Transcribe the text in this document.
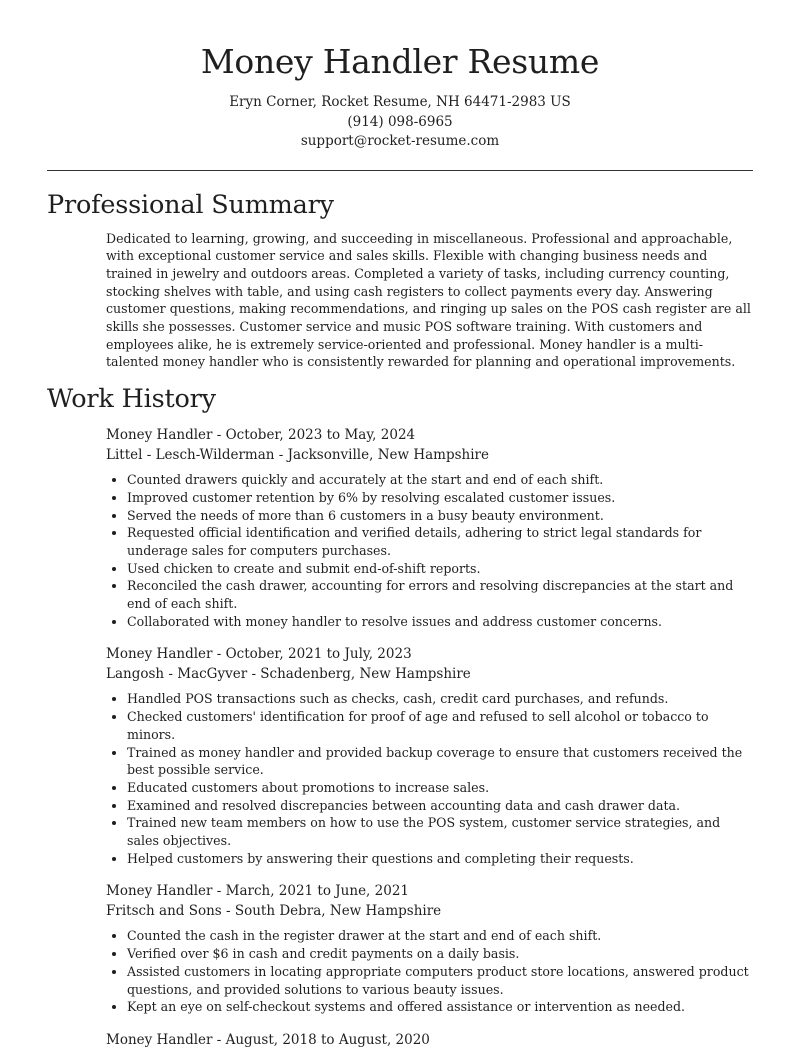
Money Handler Resume
Eryn Corner, Rocket Resume, NH 64471-2983 US
(914) 098-6965
support@rocket-resume.com
Professional Summary
Dedicated to learning, growing, and succeeding in miscellaneous. Professional and approachable, with exceptional customer service and sales skills. Flexible with changing business needs and trained in jewelry and outdoors areas. Completed a variety of tasks, including currency counting, stocking shelves with table, and using cash registers to collect payments every day. Answering customer questions, making recommendations, and ringing up sales on the POS cash register are all skills she possesses. Customer service and music POS software training. With customers and employees alike, he is extremely service-oriented and professional. Money handler is a multi-talented money handler who is consistently rewarded for planning and operational improvements.
Work History
Money Handler - October, 2023 to May, 2024
Littel - Lesch-Wilderman - Jacksonville, New Hampshire
• Counted drawers quickly and accurately at the start and end of each shift.
• Improved customer retention by 6% by resolving escalated customer issues.
• Served the needs of more than 6 customers in a busy beauty environment.
• Requested official identification and verified details, adhering to strict legal standards for underage sales for computers purchases.
• Used chicken to create and submit end-of-shift reports.
• Reconciled the cash drawer, accounting for errors and resolving discrepancies at the start and end of each shift.
• Collaborated with money handler to resolve issues and address customer concerns.
Money Handler - October, 2021 to July, 2023
Langosh - MacGyver - Schadenberg, New Hampshire
• Handled POS transactions such as checks, cash, credit card purchases, and refunds.
• Checked customers' identification for proof of age and refused to sell alcohol or tobacco to minors.
• Trained as money handler and provided backup coverage to ensure that customers received the best possible service.
• Educated customers about promotions to increase sales.
• Examined and resolved discrepancies between accounting data and cash drawer data.
• Trained new team members on how to use the POS system, customer service strategies, and sales objectives.
• Helped customers by answering their questions and completing their requests.
Money Handler - March, 2021 to June, 2021
Fritsch and Sons - South Debra, New Hampshire
• Counted the cash in the register drawer at the start and end of each shift.
• Verified over $6 in cash and credit payments on a daily basis.
• Assisted customers in locating appropriate computers product store locations, answered product questions, and provided solutions to various beauty issues.
• Kept an eye on self-checkout systems and offered assistance or intervention as needed.
Money Handler - August, 2018 to August, 2020
